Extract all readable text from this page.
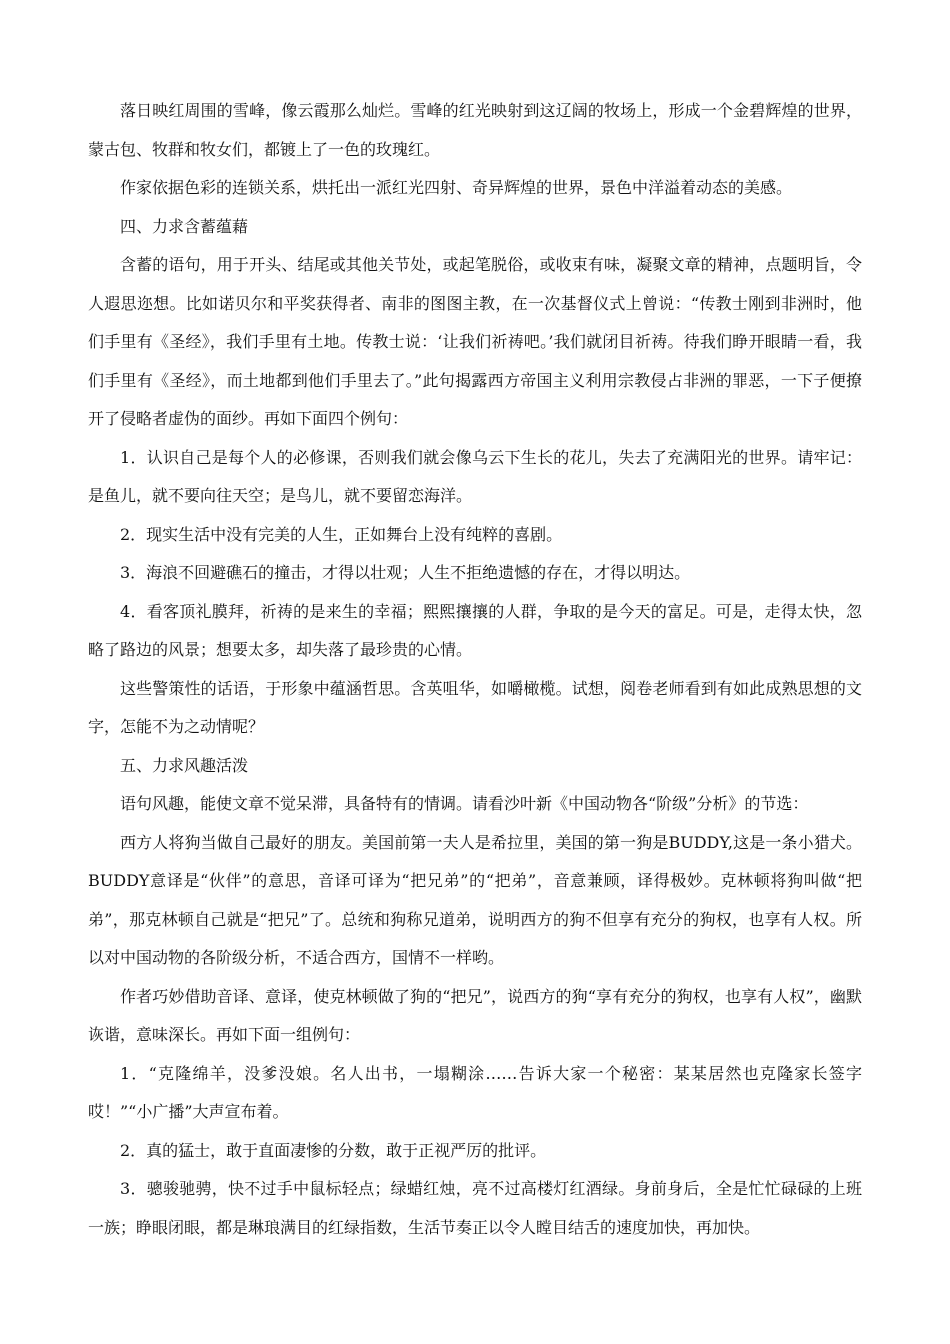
落日映红周围的雪峰，像云霞那么灿烂。雪峰的红光映射到这辽阔的牧场上，形成一个金碧辉煌的世界，蒙古包、牧群和牧女们，都镀上了一色的玫瑰红。

作家依据色彩的连锁关系，烘托出一派红光四射、奇异辉煌的世界，景色中洋溢着动态的美感。

四、力求含蓄蕴藉

含蓄的语句，用于开头、结尾或其他关节处，或起笔脱俗，或收束有味，凝聚文章的精神，点题明旨，令人遐思迩想。比如诺贝尔和平奖获得者、南非的图图主教，在一次基督仪式上曾说：“传教士刚到非洲时，他们手里有《圣经》，我们手里有土地。传教士说：‘让我们祈祷吧。’我们就闭目祈祷。待我们睁开眼睛一看，我们手里有《圣经》，而土地都到他们手里去了。”此句揭露西方帝国主义利用宗教侵占非洲的罪恶，一下子便撩开了侵略者虚伪的面纱。再如下面四个例句：

1．认识自己是每个人的必修课，否则我们就会像乌云下生长的花儿，失去了充满阳光的世界。请牢记：是鱼儿，就不要向往天空；是鸟儿，就不要留恋海洋。

2．现实生活中没有完美的人生，正如舞台上没有纯粹的喜剧。

3．海浪不回避礁石的撞击，才得以壮观；人生不拒绝遗憾的存在，才得以明达。

4．看客顶礼膜拜，祈祷的是来生的幸福；熙熙攘攘的人群，争取的是今天的富足。可是，走得太快，忽略了路边的风景；想要太多，却失落了最珍贵的心情。

这些警策性的话语，于形象中蕴涵哲思。含英咀华，如嚼橄榄。试想，阅卷老师看到有如此成熟思想的文字，怎能不为之动情呢？

五、力求风趣活泼

语句风趣，能使文章不觉呆滞，具备特有的情调。请看沙叶新《中国动物各“阶级”分析》的节选：

西方人将狗当做自己最好的朋友。美国前第一夫人是希拉里，美国的第一狗是BUDDY,这是一条小猎犬。BUDDY意译是“伙伴”的意思，音译可译为“把兄弟”的“把弟”，音意兼顾，译得极妙。克林顿将狗叫做“把弟”，那克林顿自己就是“把兄”了。总统和狗称兄道弟，说明西方的狗不但享有充分的狗权，也享有人权。所以对中国动物的各阶级分析，不适合西方，国情不一样哟。

作者巧妙借助音译、意译，使克林顿做了狗的“把兄”，说西方的狗“享有充分的狗权，也享有人权”，幽默诙谐，意味深长。再如下面一组例句：

1．“克隆绵羊，没爹没娘。名人出书，一塌糊涂……告诉大家一个秘密：某某居然也克隆家长签字哎！”“小广播”大声宣布着。

2．真的猛士，敢于直面凄惨的分数，敢于正视严厉的批评。

3．骢骏驰骋，快不过手中鼠标轻点；绿蜡红烛，亮不过高楼灯红酒绿。身前身后，全是忙忙碌碌的上班一族；睁眼闭眼，都是琳琅满目的红绿指数，生活节奏正以令人瞠目结舌的速度加快，再加快。
